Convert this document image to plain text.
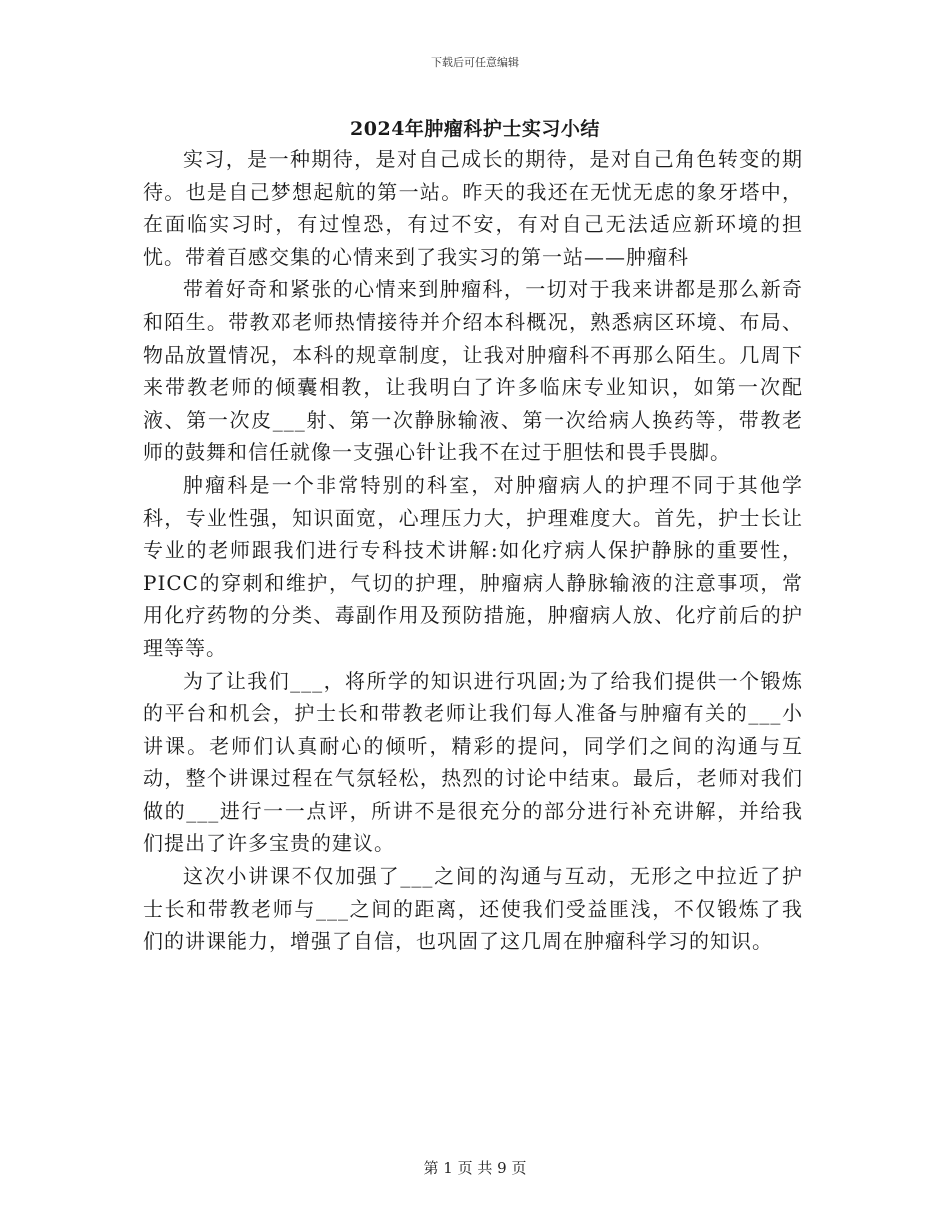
下载后可任意编辑
2024年肿瘤科护士实习小结

实习，是一种期待，是对自己成长的期待，是对自己角色转变的期待。也是自己梦想起航的第一站。昨天的我还在无忧无虑的象牙塔中，在面临实习时，有过惶恐，有过不安，有对自己无法适应新环境的担忧。带着百感交集的心情来到了我实习的第一站——肿瘤科

带着好奇和紧张的心情来到肿瘤科，一切对于我来讲都是那么新奇和陌生。带教邓老师热情接待并介绍本科概况，熟悉病区环境、布局、物品放置情况，本科的规章制度，让我对肿瘤科不再那么陌生。几周下来带教老师的倾囊相教，让我明白了许多临床专业知识，如第一次配液、第一次皮___射、第一次静脉输液、第一次给病人换药等，带教老师的鼓舞和信任就像一支强心针让我不在过于胆怯和畏手畏脚。

肿瘤科是一个非常特别的科室，对肿瘤病人的护理不同于其他学科，专业性强，知识面宽，心理压力大，护理难度大。首先，护士长让专业的老师跟我们进行专科技术讲解:如化疗病人保护静脉的重要性，PICC的穿刺和维护，气切的护理，肿瘤病人静脉输液的注意事项，常用化疗药物的分类、毒副作用及预防措施，肿瘤病人放、化疗前后的护理等等。

为了让我们___，将所学的知识进行巩固;为了给我们提供一个锻炼的平台和机会，护士长和带教老师让我们每人准备与肿瘤有关的___小讲课。老师们认真耐心的倾听，精彩的提问，同学们之间的沟通与互动，整个讲课过程在气氛轻松，热烈的讨论中结束。最后，老师对我们做的___进行一一点评，所讲不是很充分的部分进行补充讲解，并给我们提出了许多宝贵的建议。

这次小讲课不仅加强了___之间的沟通与互动，无形之中拉近了护士长和带教老师与___之间的距离，还使我们受益匪浅，不仅锻炼了我们的讲课能力，增强了自信，也巩固了这几周在肿瘤科学习的知识。

第 1 页 共 9 页
